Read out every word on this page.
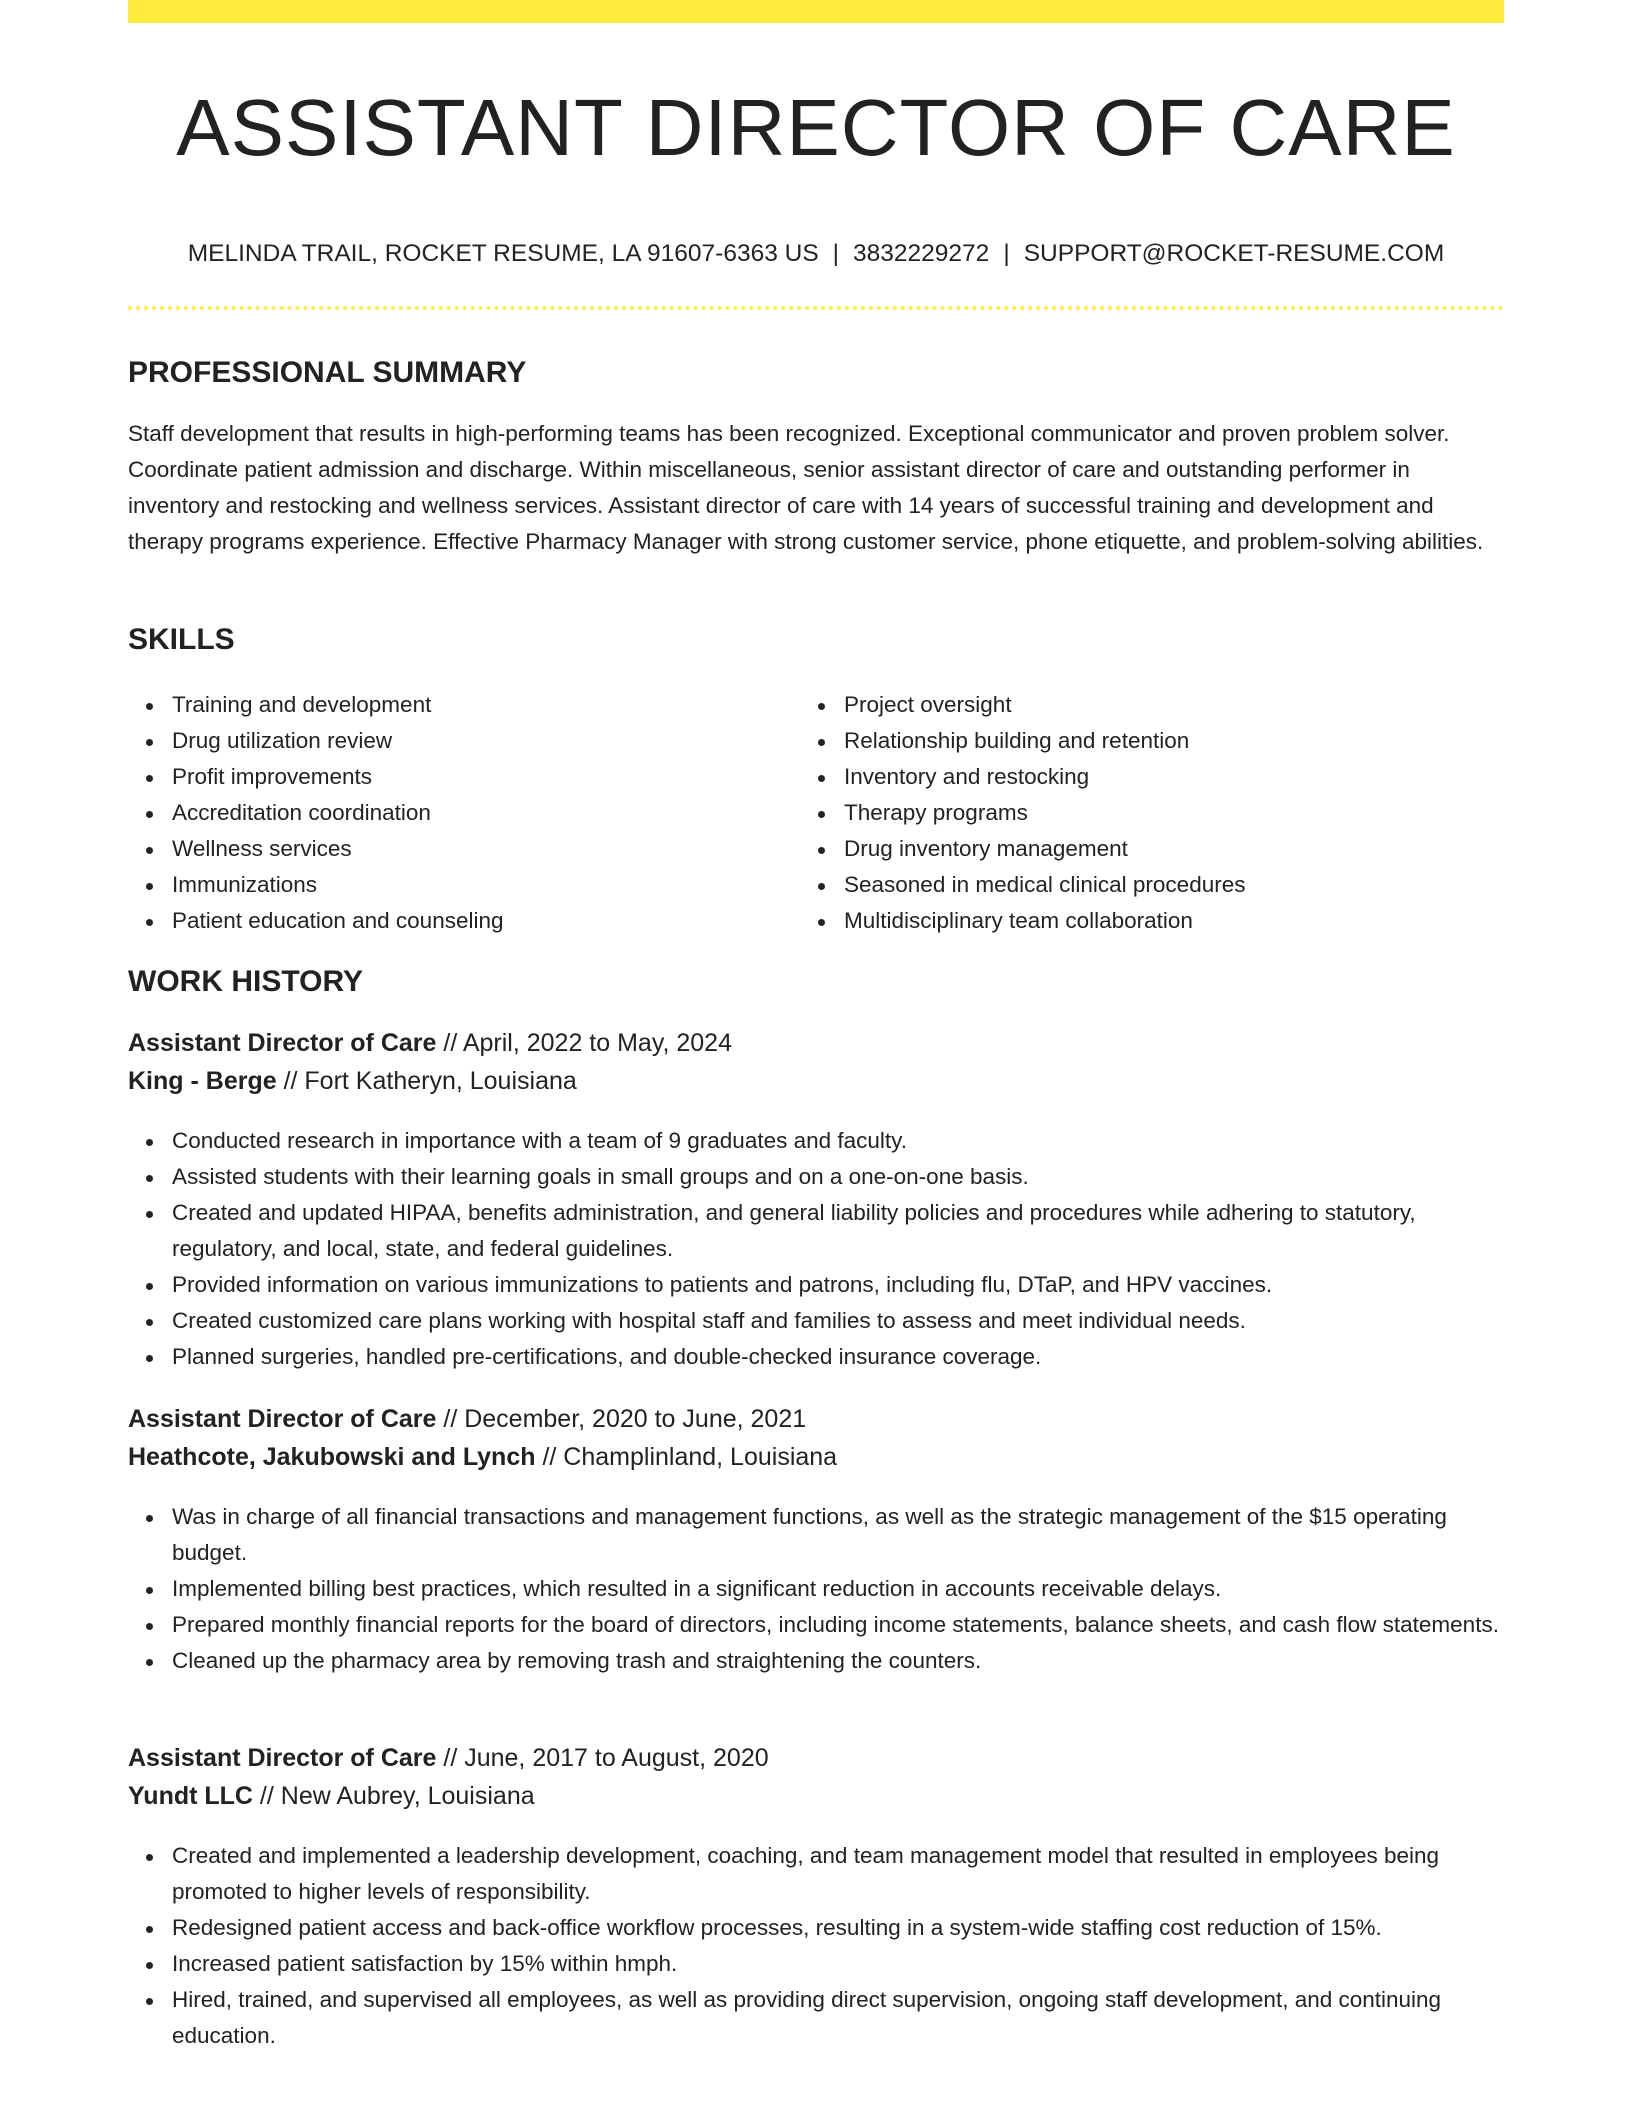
ASSISTANT DIRECTOR OF CARE
MELINDA TRAIL, ROCKET RESUME, LA 91607-6363 US | 3832229272 | SUPPORT@ROCKET-RESUME.COM
PROFESSIONAL SUMMARY

Staff development that results in high-performing teams has been recognized. Exceptional communicator and proven problem solver. Coordinate patient admission and discharge. Within miscellaneous, senior assistant director of care and outstanding performer in inventory and restocking and wellness services. Assistant director of care with 14 years of successful training and development and therapy programs experience. Effective Pharmacy Manager with strong customer service, phone etiquette, and problem-solving abilities.

SKILLS
Training and development
Drug utilization review
Profit improvements
Accreditation coordination
Wellness services
Immunizations
Patient education and counseling
Project oversight
Relationship building and retention
Inventory and restocking
Therapy programs
Drug inventory management
Seasoned in medical clinical procedures
Multidisciplinary team collaboration
WORK HISTORY
Assistant Director of Care // April, 2022 to May, 2024
King - Berge // Fort Katheryn, Louisiana
Conducted research in importance with a team of 9 graduates and faculty.
Assisted students with their learning goals in small groups and on a one-on-one basis.
Created and updated HIPAA, benefits administration, and general liability policies and procedures while adhering to statutory, regulatory, and local, state, and federal guidelines.
Provided information on various immunizations to patients and patrons, including flu, DTaP, and HPV vaccines.
Created customized care plans working with hospital staff and families to assess and meet individual needs.
Planned surgeries, handled pre-certifications, and double-checked insurance coverage.
Assistant Director of Care // December, 2020 to June, 2021
Heathcote, Jakubowski and Lynch // Champlinland, Louisiana
Was in charge of all financial transactions and management functions, as well as the strategic management of the $15 operating budget.
Implemented billing best practices, which resulted in a significant reduction in accounts receivable delays.
Prepared monthly financial reports for the board of directors, including income statements, balance sheets, and cash flow statements.
Cleaned up the pharmacy area by removing trash and straightening the counters.
Assistant Director of Care // June, 2017 to August, 2020
Yundt LLC // New Aubrey, Louisiana
Created and implemented a leadership development, coaching, and team management model that resulted in employees being promoted to higher levels of responsibility.
Redesigned patient access and back-office workflow processes, resulting in a system-wide staffing cost reduction of 15%.
Increased patient satisfaction by 15% within hmph.
Hired, trained, and supervised all employees, as well as providing direct supervision, ongoing staff development, and continuing education.
